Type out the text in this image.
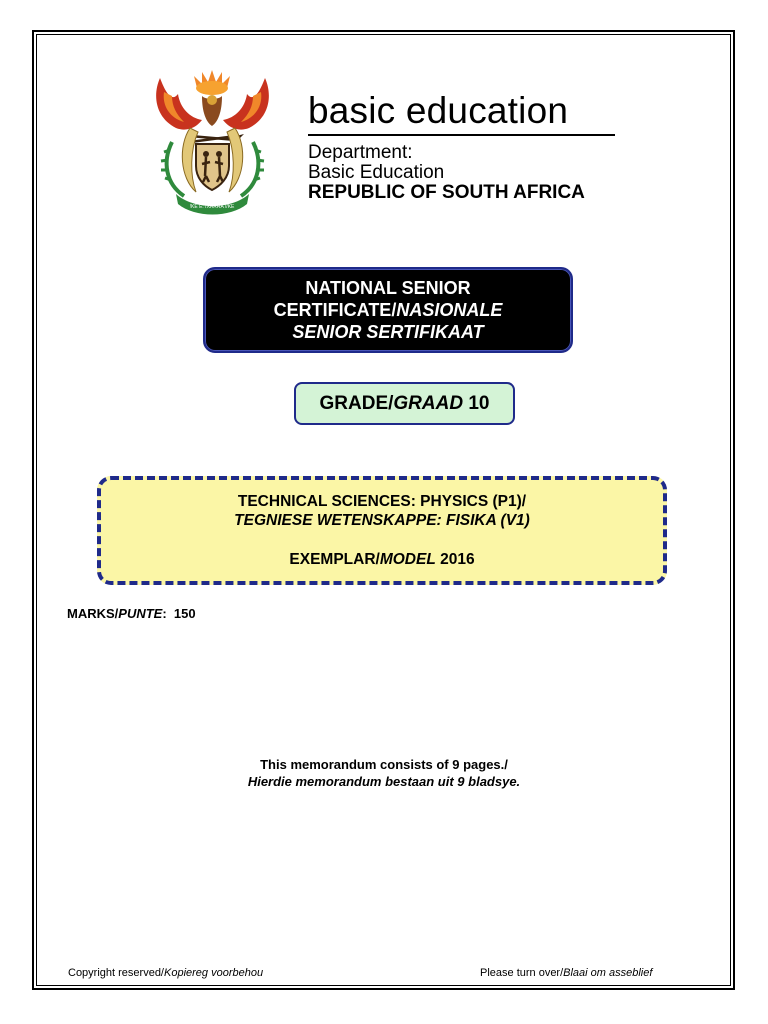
!KE E: /XARRA //KE
basic education
Department:
Basic Education
REPUBLIC OF SOUTH AFRICA
NATIONAL SENIOR
CERTIFICATE/NASIONALE
SENIOR SERTIFIKAAT
GRADE/ GRAAD
10
TECHNICAL SCIENCES: PHYSICS (P1)/
TEGNIESE WETENSKAPPE: FISIKA (V1)
EXEMPLAR/MODEL 2016
MARKS/PUNTE:  150
This memorandum consists of 9 pages./
Hierdie memorandum bestaan uit 9 bladsye.
Copyright reserved/Kopiereg voorbehou	Please turn over/Blaai om asseblief
